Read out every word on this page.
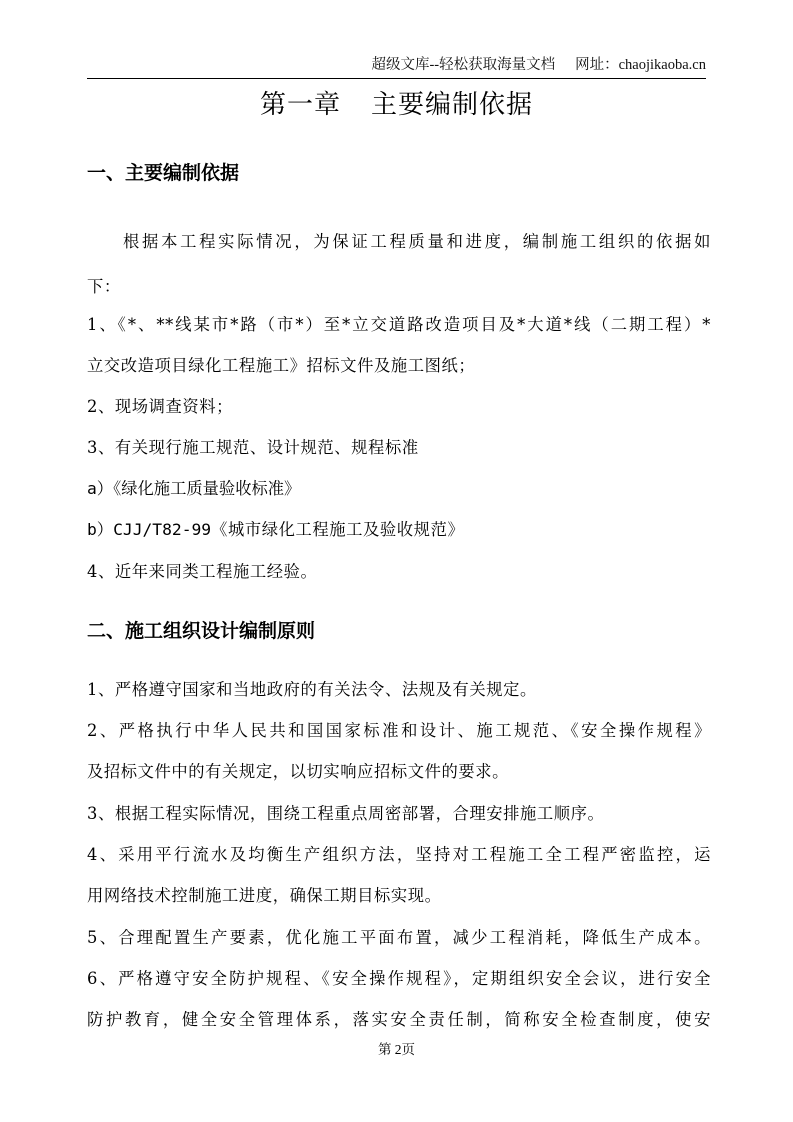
超级文库--轻松获取海量文档 网址：chaojikaoba.cn
第一章 主要编制依据
一、主要编制依据
根据本工程实际情况，为保证工程质量和进度，编制施工组织的依据如
下：
1、《*、**线某市*路（市*）至*立交道路改造项目及*大道*线（二期工程）*
立交改造项目绿化工程施工》招标文件及施工图纸；
2、现场调查资料；
3、有关现行施工规范、设计规范、规程标准
a）《绿化施工质量验收标准》
b）CJJ/T82-99《城市绿化工程施工及验收规范》
4、近年来同类工程施工经验。
二、施工组织设计编制原则
1、严格遵守国家和当地政府的有关法令、法规及有关规定。
2、严格执行中华人民共和国国家标准和设计、施工规范、《安全操作规程》
及招标文件中的有关规定，以切实响应招标文件的要求。
3、根据工程实际情况，围绕工程重点周密部署，合理安排施工顺序。
4、采用平行流水及均衡生产组织方法，坚持对工程施工全工程严密监控，运
用网络技术控制施工进度，确保工期目标实现。
5、合理配置生产要素，优化施工平面布置，减少工程消耗，降低生产成本。
6、严格遵守安全防护规程、《安全操作规程》，定期组织安全会议，进行安全
防护教育，健全安全管理体系，落实安全责任制，简称安全检查制度，使安
第 2页
